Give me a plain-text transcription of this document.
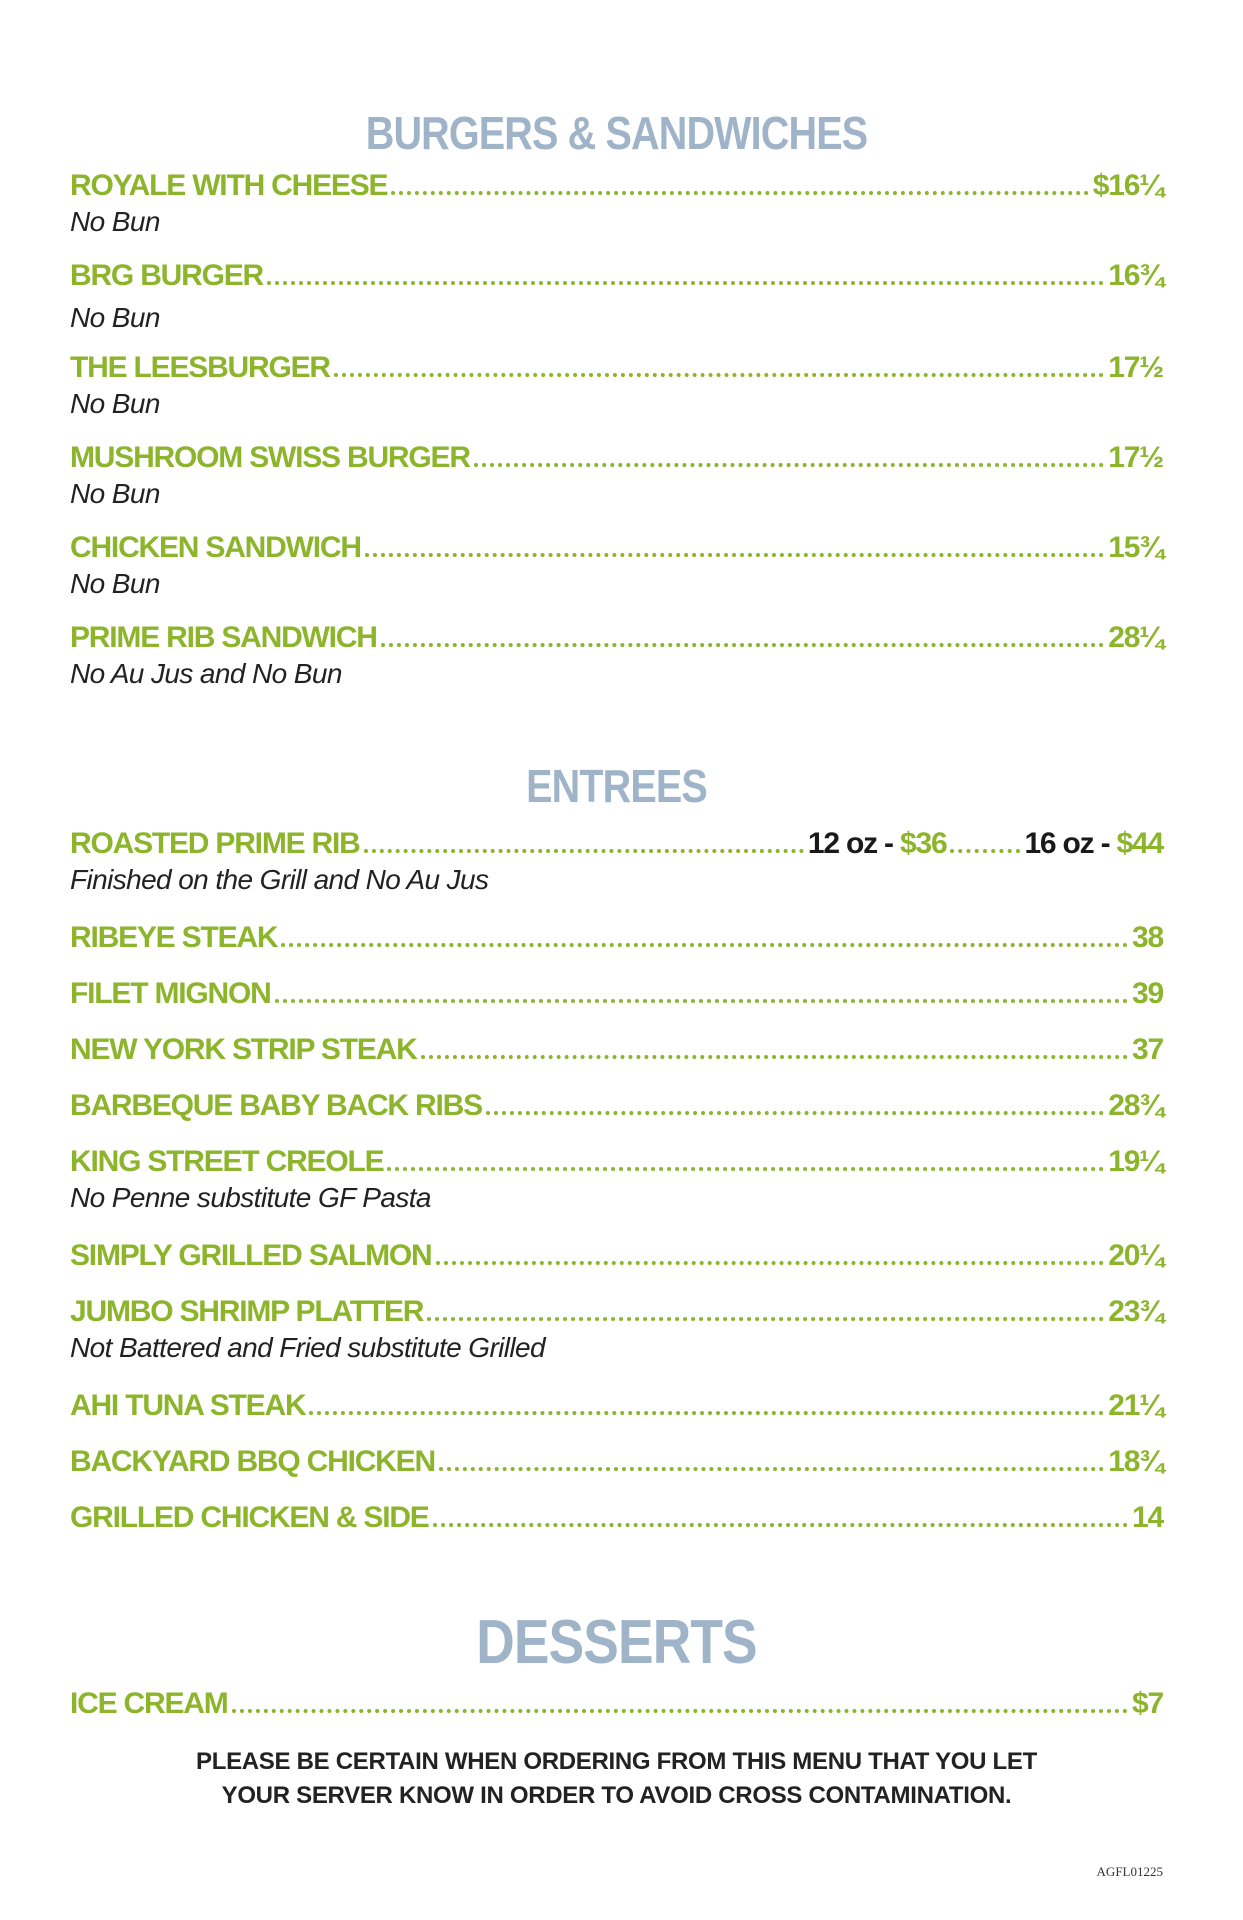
BURGERS & SANDWICHES
ROYALE WITH CHEESE	$16¼
No Bun
BRG BURGER	16¾
No Bun
THE LEESBURGER	17½
No Bun
MUSHROOM SWISS BURGER	17½
No Bun
CHICKEN SANDWICH	15¾
No Bun
PRIME RIB SANDWICH	28¼
No Au Jus and No Bun
ENTREES
ROASTED PRIME RIB	12 oz - $36	16 oz - $44
Finished on the Grill and No Au Jus
RIBEYE STEAK	38
FILET MIGNON	39
NEW YORK STRIP STEAK	37
BARBEQUE BABY BACK RIBS	28¾
KING STREET CREOLE	19¼
No Penne substitute GF Pasta
SIMPLY GRILLED SALMON	20¼
JUMBO SHRIMP PLATTER	23¾
Not Battered and Fried substitute Grilled
AHI TUNA STEAK	21¼
BACKYARD BBQ CHICKEN	18¾
GRILLED CHICKEN & SIDE	14
DESSERTS
ICE CREAM	$7
PLEASE BE CERTAIN WHEN ORDERING FROM THIS MENU THAT YOU LET
YOUR SERVER KNOW IN ORDER TO AVOID CROSS CONTAMINATION.
AGFL01225
